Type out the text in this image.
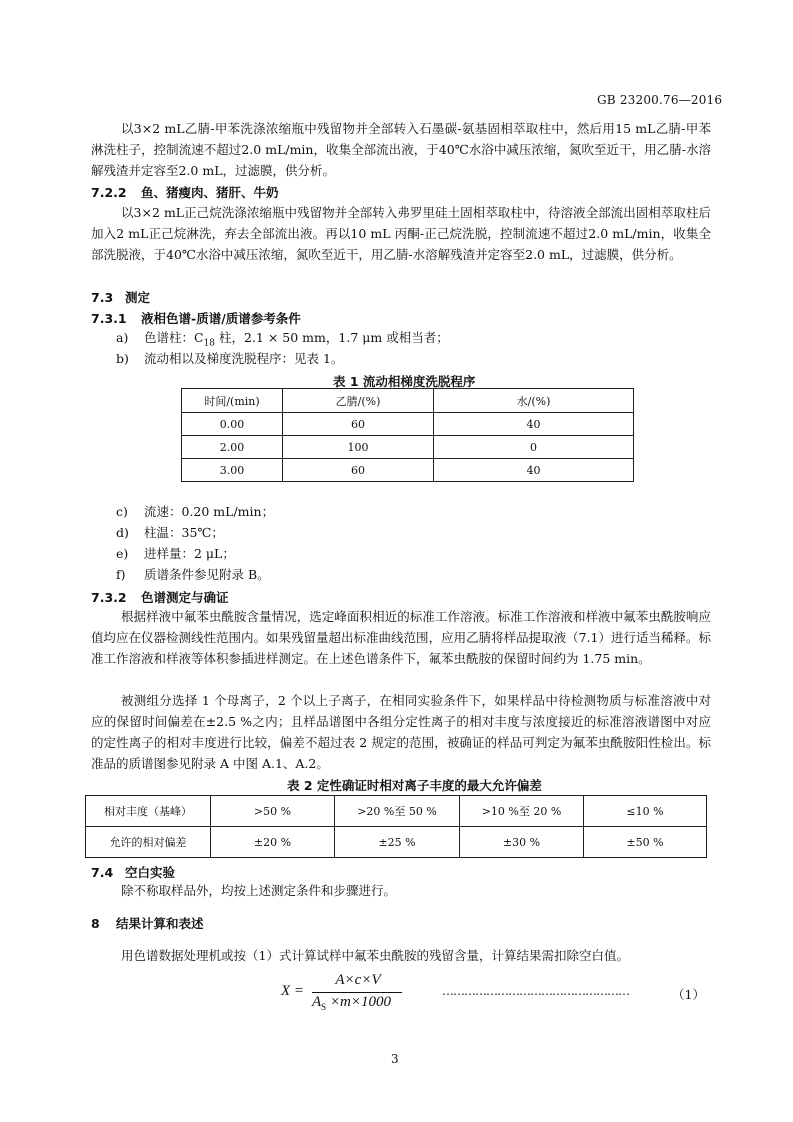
GB 23200.76—2016
以3×2 mL乙腈-甲苯洗涤浓缩瓶中残留物并全部转入石墨碳-氨基固相萃取柱中，然后用15 mL乙腈-甲苯淋洗柱子，控制流速不超过2.0 mL/min，收集全部流出液，于40℃水浴中减压浓缩，氮吹至近干，用乙腈-水溶解残渣并定容至2.0 mL，过滤膜，供分析。
7.2.2 鱼、猪瘦肉、猪肝、牛奶
以3×2 mL正己烷洗涤浓缩瓶中残留物并全部转入弗罗里硅土固相萃取柱中，待溶液全部流出固相萃取柱后加入2 mL正己烷淋洗，弃去全部流出液。再以10 mL 丙酮-正己烷洗脱，控制流速不超过2.0 mL/min，收集全部洗脱液，于40℃水浴中减压浓缩，氮吹至近干，用乙腈-水溶解残渣并定容至2.0 mL，过滤膜，供分析。
7.3 测定
7.3.1 液相色谱-质谱/质谱参考条件
a) 色谱柱：$C_{18}$ 柱，2.1 × 50 mm，1.7 μm 或相当者；
b) 流动相以及梯度洗脱程序：见表 1。
表 1 流动相梯度洗脱程序
时间/(min)	乙腈/(%)	水/(%)
0.00	60	40
2.00	100	0
3.00	60	40
c) 流速：0.20 mL/min；
d) 柱温：35℃；
e) 进样量：2 μL；
f) 质谱条件参见附录 B。
7.3.2 色谱测定与确证
根据样液中氟苯虫酰胺含量情况，选定峰面积相近的标准工作溶液。标准工作溶液和样液中氟苯虫酰胺响应值均应在仪器检测线性范围内。如果残留量超出标准曲线范围，应用乙腈将样品提取液（7.1）进行适当稀释。标准工作溶液和样液等体积参插进样测定。在上述色谱条件下，氟苯虫酰胺的保留时间约为 1.75 min。
被测组分选择 1 个母离子，2 个以上子离子，在相同实验条件下，如果样品中待检测物质与标准溶液中对应的保留时间偏差在±2.5 %之内；且样品谱图中各组分定性离子的相对丰度与浓度接近的标准溶液谱图中对应的定性离子的相对丰度进行比较，偏差不超过表 2 规定的范围，被确证的样品可判定为氟苯虫酰胺阳性检出。标准品的质谱图参见附录 A 中图 A.1、A.2。
表 2 定性确证时相对离子丰度的最大允许偏差
相对丰度（基峰）	>50 %	>20 %至 50 %	>10 %至 20 %	≤10 %
允许的相对偏差	±20 %	±25 %	±30 %	±50 %
7.4 空白实验
除不称取样品外，均按上述测定条件和步骤进行。
8 结果计算和表述
用色谱数据处理机或按（1）式计算试样中氟苯虫酰胺的残留含量，计算结果需扣除空白值。
X =
A×c×V
$A_S \times m\times 1000$
……………………………………………	（1）
3
